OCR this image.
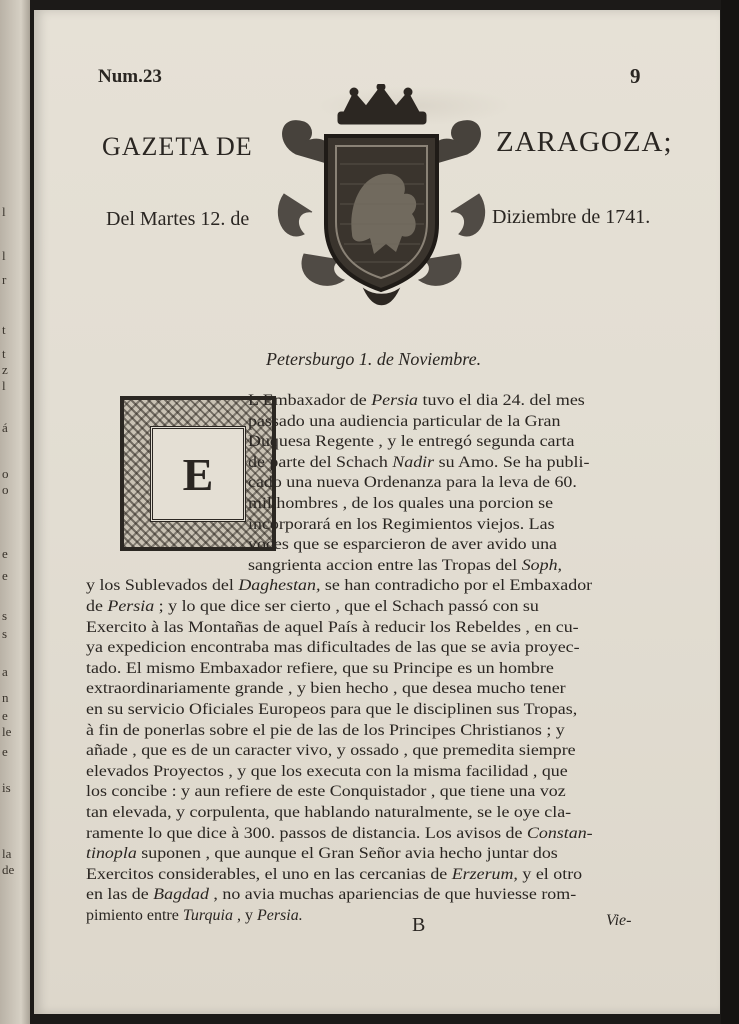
l
l
r
t
t
z
l
á
o
o
e
e
s
s
a
n
e
le
e
is
la
de
Num.23	9
GAZETA DE	ZARAGOZA;
Del Martes 12. de	Diziembre de 1741.
Petersburgo 1. de Noviembre.
E
L Embaxador de Persia tuvo el dia 24. del mes
passado una audiencia particular de la Gran
Duquesa Regente , y le entregó segunda carta
de parte del Schach Nadir su Amo. Se ha publi-
cado una nueva Ordenanza para la leva de 60.
mil hombres , de los quales una porcion se
incorporará en los Regimientos viejos. Las
voces que se esparcieron de aver avido una
sangrienta accion entre las Tropas del Soph,
y los Sublevados del Daghestan, se han contradicho por el Embaxador
de Persia ; y lo que dice ser cierto , que el Schach passó con su
Exercito à las Montañas de aquel País à reducir los Rebeldes , en cu-
ya expedicion encontraba mas dificultades de las que se avia proyec-
tado. El mismo Embaxador refiere, que su Principe es un hombre
extraordinariamente grande , y bien hecho , que desea mucho tener
en su servicio Oficiales Europeos para que le disciplinen sus Tropas,
à fin de ponerlas sobre el pie de las de los Principes Christianos ; y
añade , que es de un caracter vivo, y ossado , que premedita siempre
elevados Proyectos , y que los executa con la misma facilidad , que
los concibe : y aun refiere de este Conquistador , que tiene una voz
tan elevada, y corpulenta, que hablando naturalmente, se le oye cla-
ramente lo que dice à 300. passos de distancia. Los avisos de Constan-
tinopla suponen , que aunque el Gran Señor avia hecho juntar dos
Exercitos considerables, el uno en las cercanias de Erzerum, y el otro
en las de Bagdad , no avia muchas apariencias de que huviesse rom-
pimiento entre Turquia , y Persia.	B	Vie-
